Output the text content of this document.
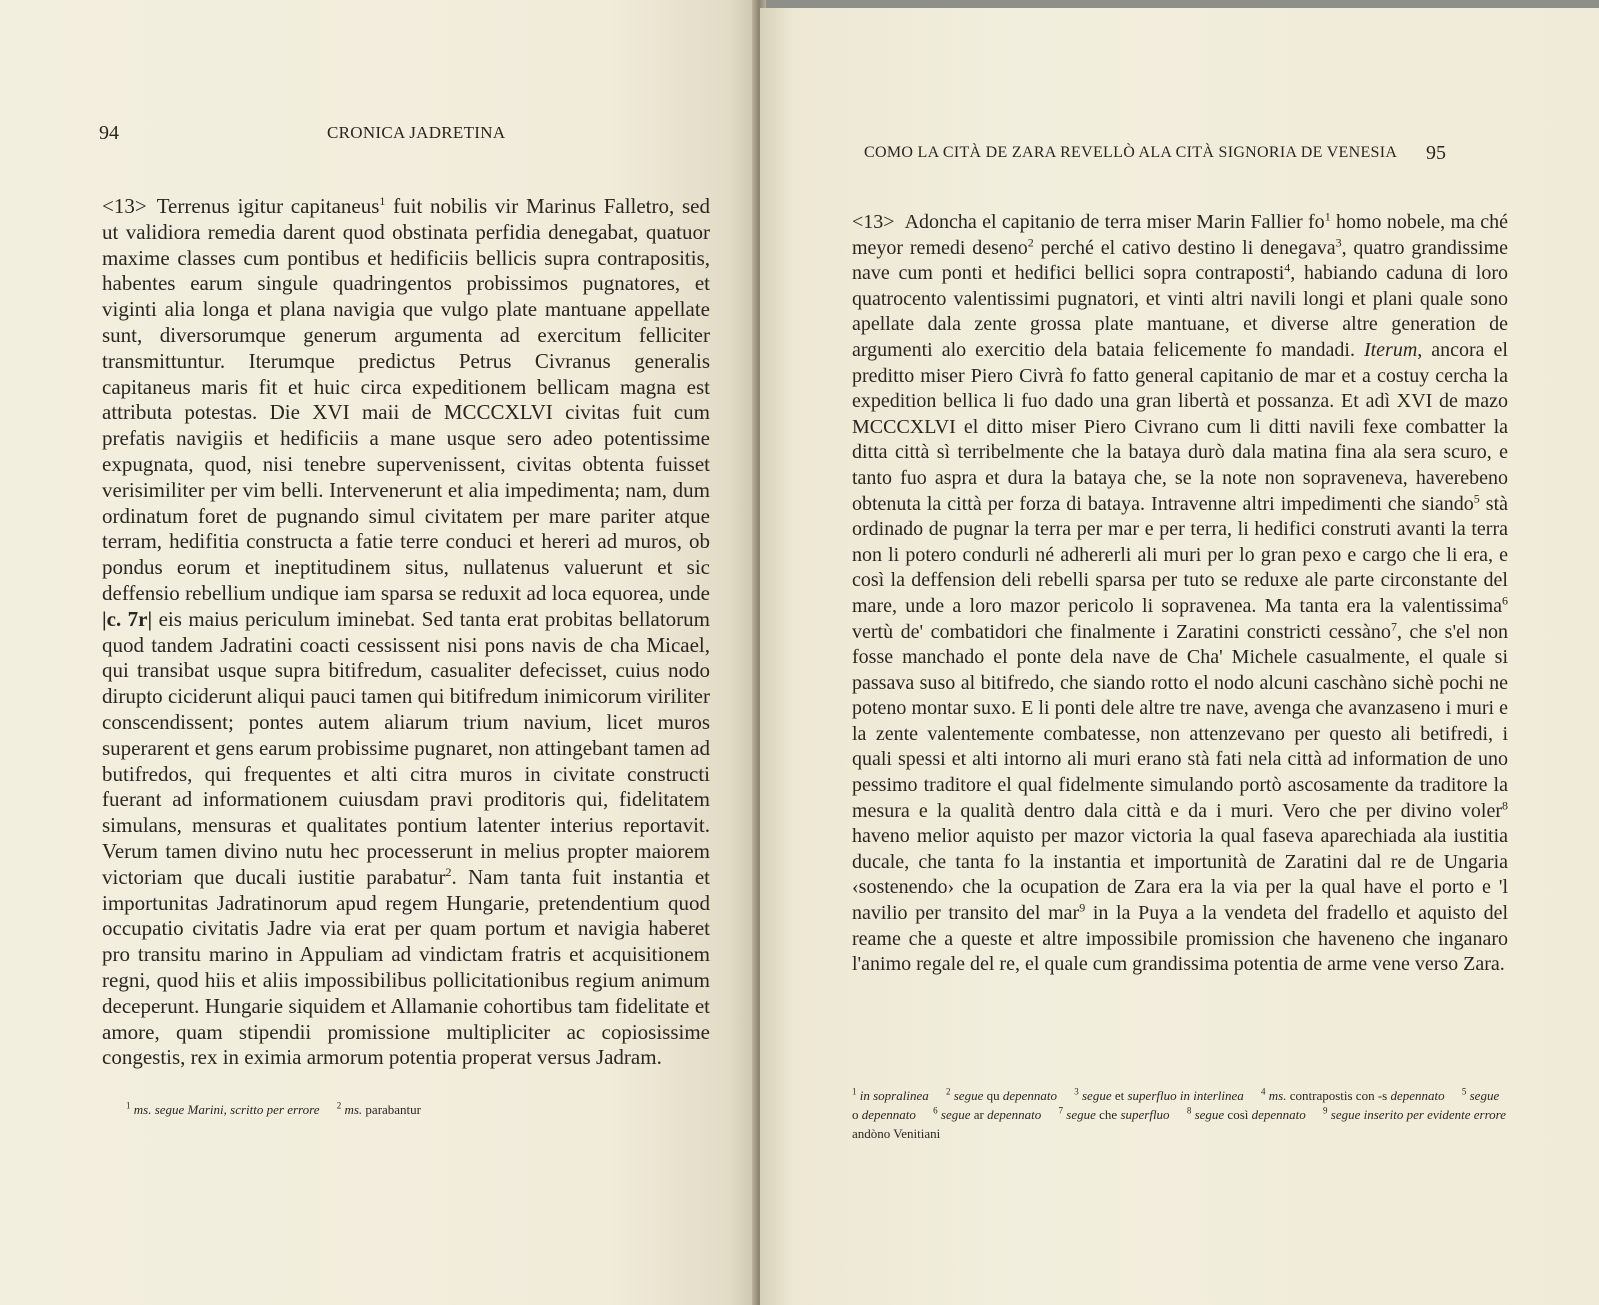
94	CRONICA JADRETINA
<13> Terrenus igitur capitaneus$^1$ fuit nobilis vir Marinus Falletro, sed ut validiora remedia darent quod obstinata perfidia denegabat, quatuor maxime classes cum pontibus et hedificiis bellicis supra contrapositis, habentes earum singule quadringentos probissimos pugnatores, et viginti alia longa et plana navigia que vulgo plate mantuane appellate sunt, diversorumque generum argumenta ad exercitum felliciter transmittuntur. Iterumque predictus Petrus Civranus generalis capitaneus maris fit et huic circa expeditionem bellicam magna est attributa potestas. Die XVI maii de MCCCXLVI civitas fuit cum prefatis navigiis et hedificiis a mane usque sero adeo potentissime expugnata, quod, nisi tenebre supervenissent, civitas obtenta fuisset verisimiliter per vim belli. Intervenerunt et alia impedimenta; nam, dum ordinatum foret de pugnando simul civitatem per mare pariter atque terram, hedifitia constructa a fatie terre conduci et hereri ad muros, ob pondus eorum et ineptitudinem situs, nullatenus valuerunt et sic deffensio rebellium undique iam sparsa se reduxit ad loca equorea, unde |c. 7r| eis maius periculum iminebat. Sed tanta erat probitas bellatorum quod tandem Jadratini coacti cessissent nisi pons navis de cha Micael, qui transibat usque supra bitifredum, casualiter defecisset, cuius nodo dirupto ciciderunt aliqui pauci tamen qui bitifredum inimicorum viriliter conscendissent; pontes autem aliarum trium navium, licet muros superarent et gens earum probissime pugnaret, non attingebant tamen ad butifredos, qui frequentes et alti citra muros in civitate constructi fuerant ad informationem cuiusdam pravi proditoris qui, fidelitatem simulans, mensuras et qualitates pontium latenter interius reportavit. Verum tamen divino nutu hec processerunt in melius propter maiorem victoriam que ducali iustitie parabatur$^2$. Nam tanta fuit instantia et importunitas Jadratinorum apud regem Hungarie, pretendentium quod occupatio civitatis Jadre via erat per quam portum et navigia haberet pro transitu marino in Appuliam ad vindictam fratris et acquisitionem regni, quod hiis et aliis impossibilibus pollicitationibus regium animum deceperunt. Hungarie siquidem et Allamanie cohortibus tam fidelitate et amore, quam stipendii promissione multipliciter ac copiosissime congestis, rex in eximia armorum potentia properat versus Jadram.
$^1$ ms. segue Marini, scritto per errore $^2$ ms. parabantur
COMO LA CITÀ DE ZARA REVELLÒ ALA CITÀ SIGNORIA DE VENESIA 95
<13> Adoncha el capitanio de terra miser Marin Fallier $fo^1$ homo nobele, ma ché meyor remedi deseno$^2$ perché el cativo destino li denegava$^3$, quatro grandissime nave cum ponti et hedifici bellici sopra contraposti$^4$, habiando caduna di loro quatrocento valentissimi pugnatori, et vinti altri navili longi et plani quale sono apellate dala zente grossa plate mantuane, et diverse altre generation de argumenti alo exercitio dela bataia felicemente fo mandadi. Iterum, ancora el preditto miser Piero Civrà fo fatto general capitanio de mar et a costuy cercha la expedition bellica li fuo dado una gran libertà et possanza. Et adì XVI de mazo MCCCXLVI el ditto miser Piero Civrano cum li ditti navili fexe combatter la ditta città sì terribelmente che la bataya durò dala matina fina ala sera scuro, e tanto fuo aspra et dura la bataya che, se la note non sopraveneva, haverebeno obtenuta la città per forza di bataya. Intravenne altri impedimenti che siando$^5$ stà ordinado de pugnar la terra per mar e per terra, li hedifici construti avanti la terra non li potero condurli né adhererli ali muri per lo gran pexo e cargo che li era, e così la deffension deli rebelli sparsa per tuto se reduxe ale parte circonstante del mare, unde a loro mazor pericolo li sopravenea. Ma tanta era la valentissima$^6$ vertù de' combatidori che finalmente i Zaratini constricti cessàno$^7$, che s'el non fosse manchado el ponte dela nave de Cha' Michele casualmente, el quale si passava suso al bitifredo, che siando rotto el nodo alcuni caschàno sichè pochi ne poteno montar suxo. E li ponti dele altre tre nave, avenga che avanzaseno i muri e la zente valentemente combatesse, non attenzevano per questo ali betifredi, i quali spessi et alti intorno ali muri erano stà fati nela città ad information de uno pessimo traditore el qual fidelmente simulando portò ascosamente da traditore la mesura e la qualità dentro dala città e da i muri. Vero che per divino voler$^8$ haveno melior aquisto per mazor victoria la qual faseva aparechiada ala iustitia ducale, che tanta fo la instantia et importunità de Zaratini dal re de Ungaria ‹sostenendo› che la ocupation de Zara era la via per la qual have el porto e 'l navilio per transito del mar$^9$ in la Puya a la vendeta del fradello et aquisto del reame che a queste et altre impossibile promission che haveneno che inganaro l'animo regale del re, el quale cum grandissima potentia de arme vene verso Zara.
$^1$ in sopralinea $^2$ segue qu depennato $^3$ segue et superfluo in interlinea $^4$ ms. contrapostis con -s depennato $^5$ segue o depennato $^6$ segue ar depennato $^7$ segue che superfluo $^8$ segue così depennato $^9$ segue inserito per evidente errore andòno Venitiani
